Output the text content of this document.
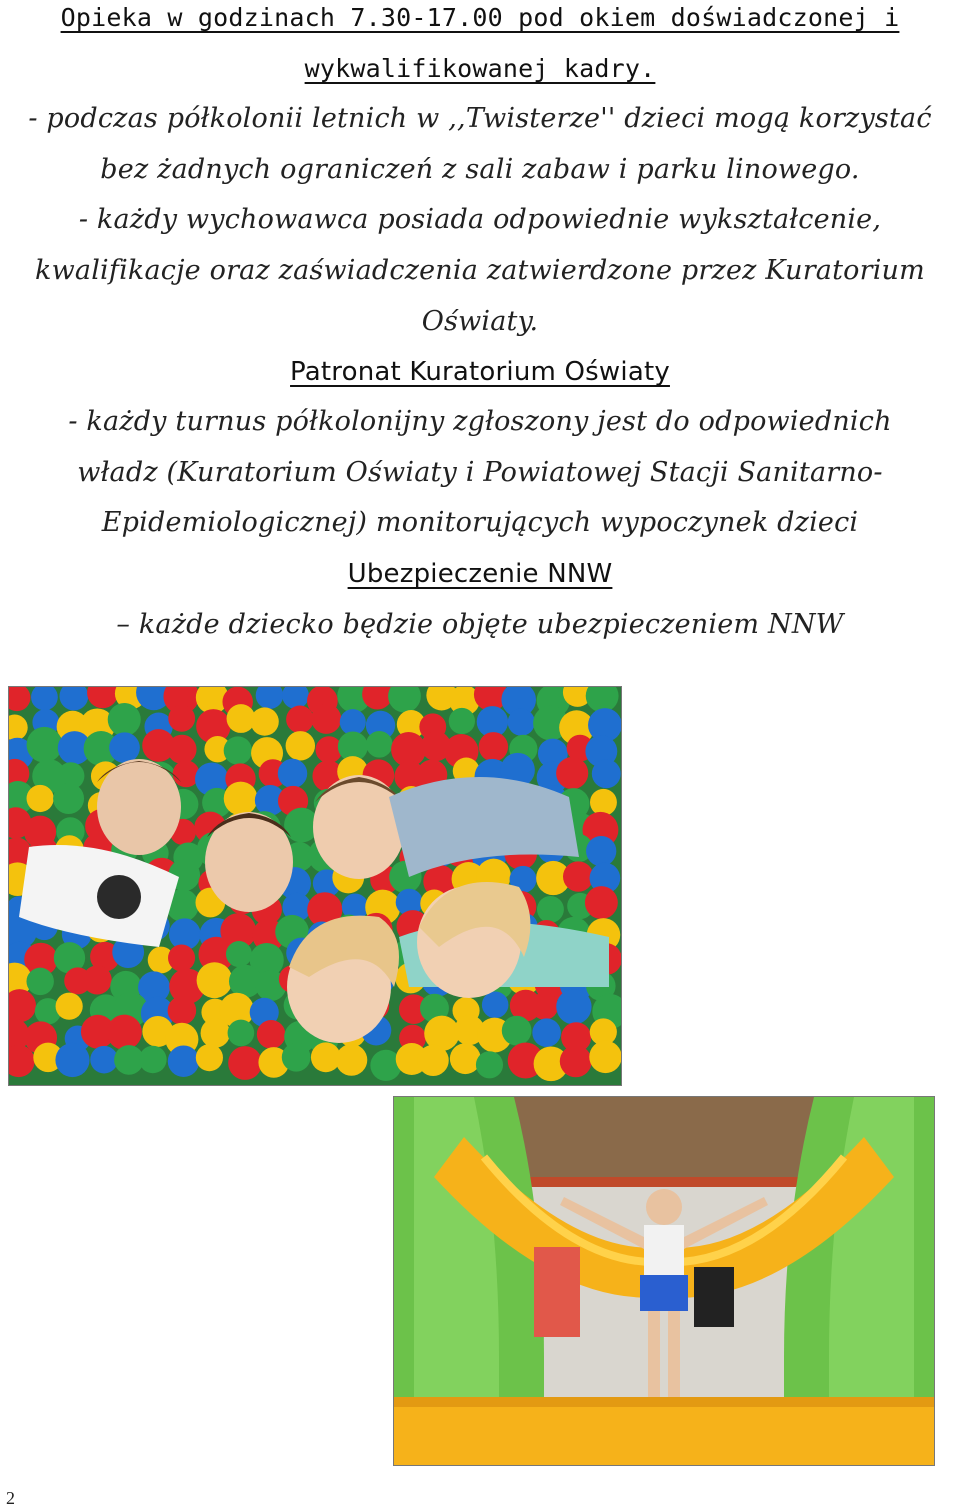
Opieka w godzinach 7.30-17.00 pod okiem doświadczonej i
wykwalifikowanej kadry.
- podczas półkolonii letnich w ,,Twisterze'' dzieci mogą korzystać
bez żadnych ograniczeń z sali zabaw i parku linowego.
- każdy wychowawca posiada odpowiednie wykształcenie,
kwalifikacje oraz zaświadczenia zatwierdzone przez Kuratorium
Oświaty.
Patronat Kuratorium Oświaty
- każdy turnus półkolonijny zgłoszony jest do odpowiednich
władz (Kuratorium Oświaty i Powiatowej Stacji Sanitarno-
Epidemiologicznej) monitorujących wypoczynek dzieci
Ubezpieczenie NNW
– każde dziecko będzie objęte ubezpieczeniem NNW
2
